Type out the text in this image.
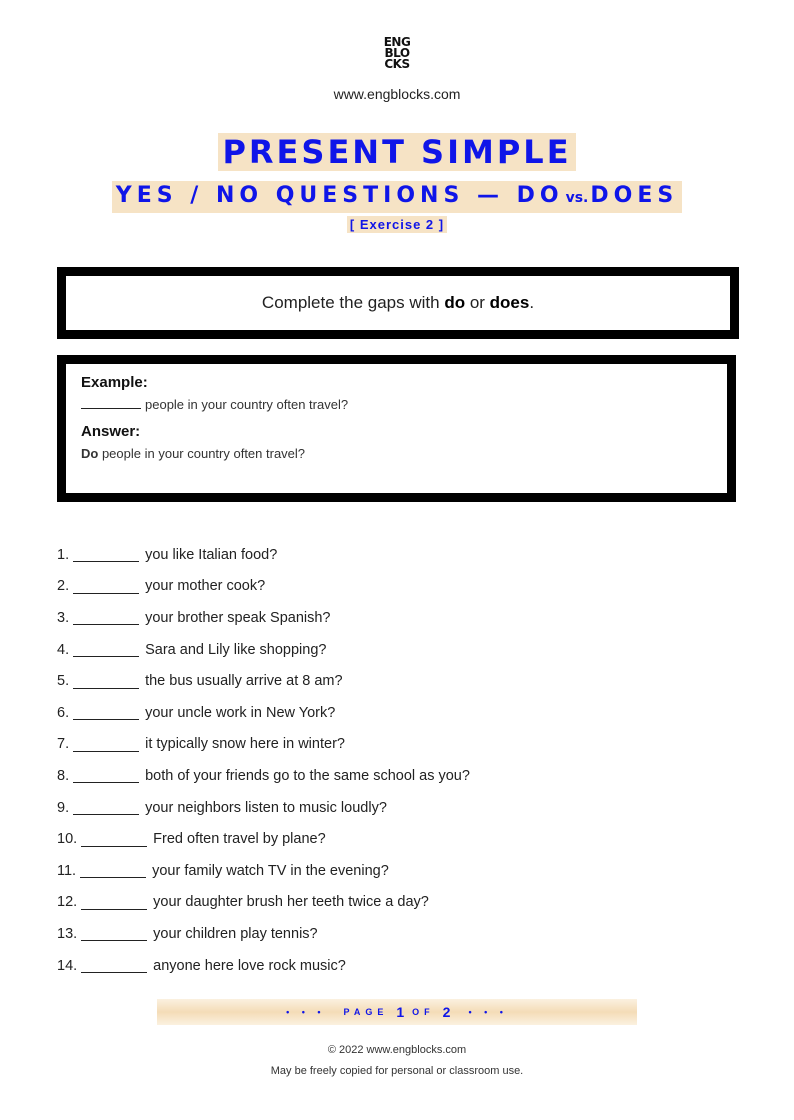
ENG
BLO
CKS
www.engblocks.com
PRESENT SIMPLE
YES / NO QUESTIONS — DO vs.DOES
[ Exercise 2 ]
Complete the gaps with do or does.
Example:
people in your country often travel?
Answer:
Do people in your country often travel?
1.	you like Italian food?
2.	your mother cook?
3.	your brother speak Spanish?
4.	Sara and Lily like shopping?
5.	the bus usually arrive at 8 am?
6.	your uncle work in New York?
7.	it typically snow here in winter?
8.	both of your friends go to the same school as you?
9.	your neighbors listen to music loudly?
10.	Fred often travel by plane?
11.	your family watch TV in the evening?
12.	your daughter brush her teeth twice a day?
13.	your children play tennis?
14.	anyone here love rock music?
• • • PAGE 1 OF 2 • • •
© 2022 www.engblocks.com
May be freely copied for personal or classroom use.
